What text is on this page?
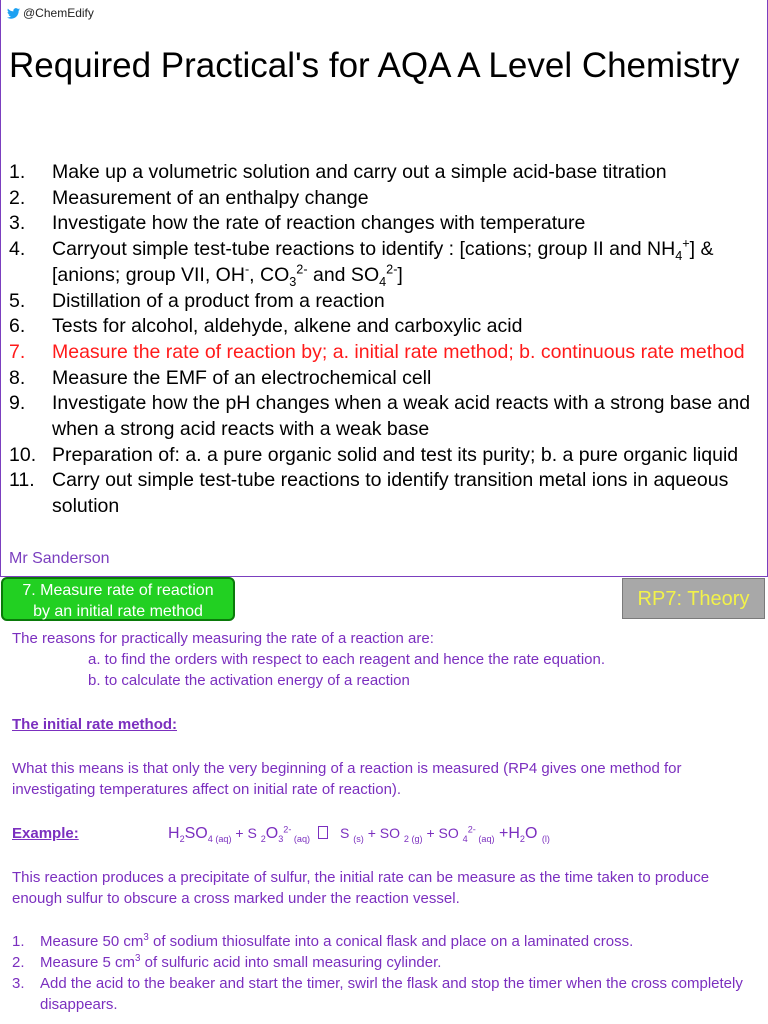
@ChemEdify
Required Practical's for AQA A Level Chemistry
1.	Make up a volumetric solution and carry out a simple acid-base titration
2.	Measurement of an enthalpy change
3.	Investigate how the rate of reaction changes with temperature
4.	Carryout simple test-tube reactions to identify : [cations; group II and $NH_4^+$] & [anions; group VII, OH-, $CO_3^{2-}$ and $SO_4^{2-}$]
5.	Distillation of a product from a reaction
6.	Tests for alcohol, aldehyde, alkene and carboxylic acid
7.	Measure the rate of reaction by; a. initial rate method; b. continuous rate method
8.	Measure the EMF of an electrochemical cell
9.	Investigate how the pH changes when a weak acid reacts with a strong base and when a strong acid reacts with a weak base
10. Preparation of: a. a pure organic solid and test its purity; b. a pure organic liquid
11. Carry out simple test-tube reactions to identify transition metal ions in aqueous solution
Mr Sanderson
7. Measure rate of reaction
by an initial rate method
RP7: Theory

The reasons for practically measuring the rate of a reaction are:

a. to find the orders with respect to each reagent and hence the rate equation.

b. to calculate the activation energy of a reaction

The initial rate method:

What this means is that only the very beginning of a reaction is measured (RP4 gives one method for investigating temperatures affect on initial rate of reaction).

Example:	$H_2SO_{4 (aq)} + S$ $_2O_3^{2-}$ $_{(aq)}$ S $_{(s)}$ + SO $_{2 (g)}$ + SO $_4^{2-}$ $_{(aq)} +H_2O$ $_{(l)}$

This reaction produces a precipitate of sulfur, the initial rate can be measure as the time taken to produce enough sulfur to obscure a cross marked under the reaction vessel.

1.	Measure 50 $cm^3$ of sodium thiosulfate into a conical flask and place on a laminated cross.
2.	Measure 5 $cm^3$ of sulfuric acid into small measuring cylinder.
3.	Add the acid to the beaker and start the timer, swirl the flask and stop the timer when the cross completely disappears.
